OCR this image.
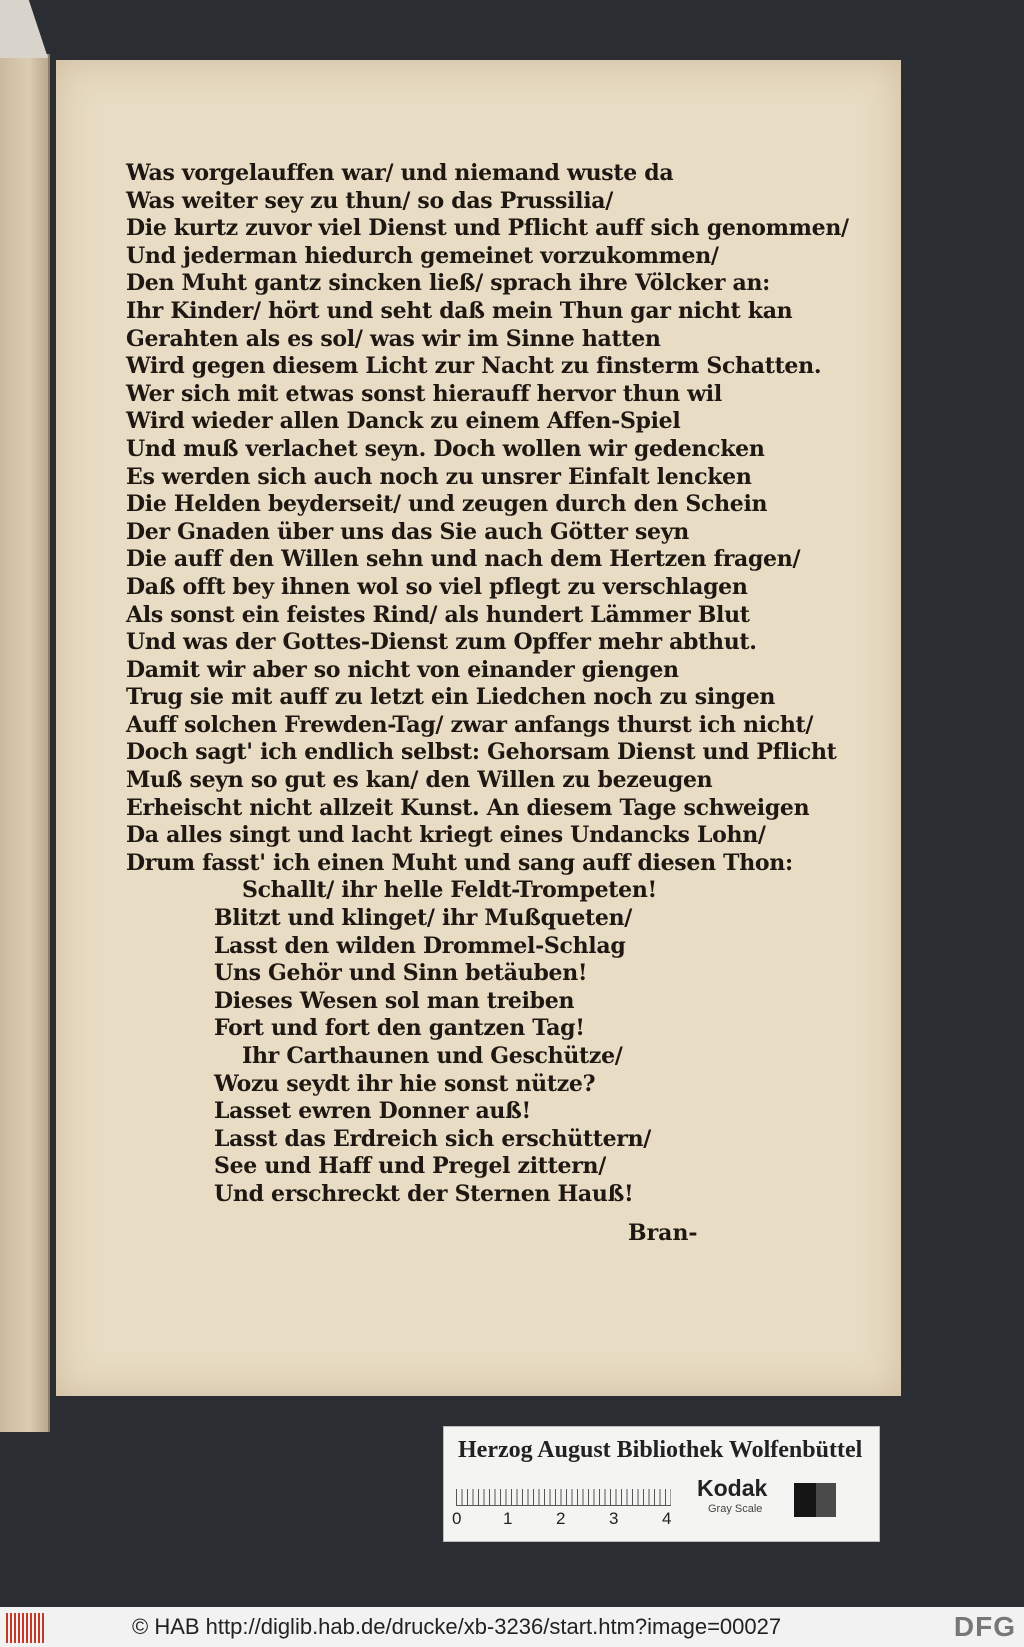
Was vorgelauffen war/ und niemand wuste da
Was weiter sey zu thun/ so das Prussilia/
Die kurtz zuvor viel Dienst und Pflicht auff sich genommen/
Und jederman hiedurch gemeinet vorzukommen/
Den Muht gantz sincken ließ/ sprach ihre Völcker an:
Ihr Kinder/ hört und seht daß mein Thun gar nicht kan
Gerahten als es sol/ was wir im Sinne hatten
Wird gegen diesem Licht zur Nacht zu finsterm Schatten.
Wer sich mit etwas sonst hierauff hervor thun wil
Wird wieder allen Danck zu einem Affen-Spiel
Und muß verlachet seyn. Doch wollen wir gedencken
Es werden sich auch noch zu unsrer Einfalt lencken
Die Helden beyderseit/ und zeugen durch den Schein
Der Gnaden über uns das Sie auch Götter seyn
Die auff den Willen sehn und nach dem Hertzen fragen/
Daß offt bey ihnen wol so viel pflegt zu verschlagen
Als sonst ein feistes Rind/ als hundert Lämmer Blut
Und was der Gottes-Dienst zum Opffer mehr abthut.
Damit wir aber so nicht von einander giengen
Trug sie mit auff zu letzt ein Liedchen noch zu singen
Auff solchen Frewden-Tag/ zwar anfangs thurst ich nicht/
Doch sagt' ich endlich selbst: Gehorsam Dienst und Pflicht
Muß seyn so gut es kan/ den Willen zu bezeugen
Erheischt nicht allzeit Kunst. An diesem Tage schweigen
Da alles singt und lacht kriegt eines Undancks Lohn/
Drum fasst' ich einen Muht und sang auff diesen Thon:
Schallt/ ihr helle Feldt-Trompeten!
Blitzt und klinget/ ihr Mußqueten/
Lasst den wilden Drommel-Schlag
Uns Gehör und Sinn betäuben!
Dieses Wesen sol man treiben
Fort und fort den gantzen Tag!
Ihr Carthaunen und Geschütze/
Wozu seydt ihr hie sonst nütze?
Lasset ewren Donner auß!
Lasst das Erdreich sich erschüttern/
See und Haff und Pregel zittern/
Und erschreckt der Sternen Hauß!
Bran-
Herzog August Bibliothek Wolfenbüttel
0 1	2	3	4
Kodak
Gray Scale
© HAB http://diglib.hab.de/drucke/xb-3236/start.htm?image=00027	DFG
